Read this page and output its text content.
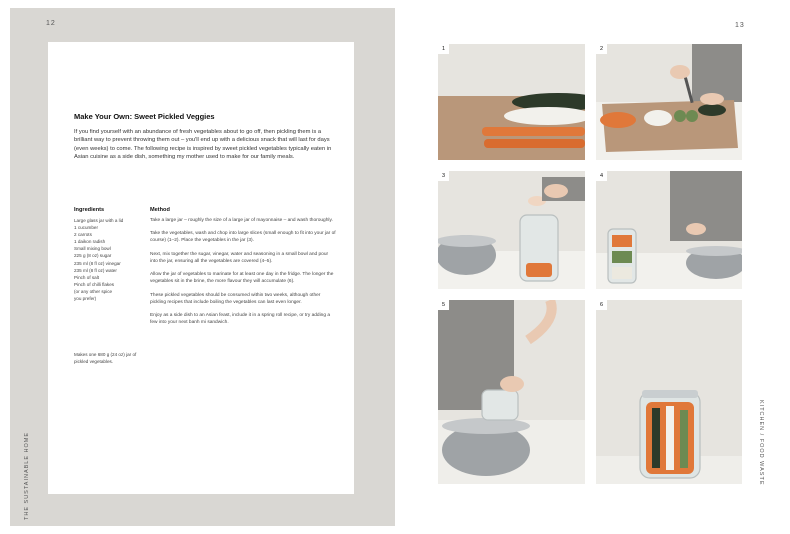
12
THE SUSTAINABLE HOME
Make Your Own: Sweet Pickled Veggies

If you find yourself with an abundance of fresh vegetables about to go off, then pickling them is a brilliant way to prevent throwing them out – you'll end up with a delicious snack that will last for days (even weeks) to come. The following recipe is inspired by sweet pickled vegetables typically eaten in Asian cuisine as a side dish, something my mother used to make for our family meals.

Ingredients
Large glass jar with a lid
1 cucumber
2 carrots
1 daikon radish
Small mixing bowl
225 g (8 oz) sugar
235 ml (8 fl oz) vinegar
235 ml (8 fl oz) water
Pinch of salt
Pinch of chilli flakes
(or any other spice
you prefer)

Makes one 680 g (24 oz) jar of pickled vegetables.

Method

Take a large jar – roughly the size of a large jar of mayonnaise – and wash thoroughly.

Take the vegetables, wash and chop into large slices (small enough to fit into your jar of course) (1–2). Place the vegetables in the jar (3).

Next, mix together the sugar, vinegar, water and seasoning in a small bowl and pour into the jar, ensuring all the vegetables are covered (4–5).

Allow the jar of vegetables to marinate for at least one day in the fridge. The longer the vegetables sit in the brine, the more flavour they will accumulate (6).

These pickled vegetables should be consumed within two weeks, although other pickling recipes that include boiling the vegetables can last even longer.

Enjoy as a side dish to an Asian feast, include it in a spring roll recipe, or try adding a few into your next banh mi sandwich.

13
KITCHEN / FOOD WASTE
1	2
3	4
5	6
